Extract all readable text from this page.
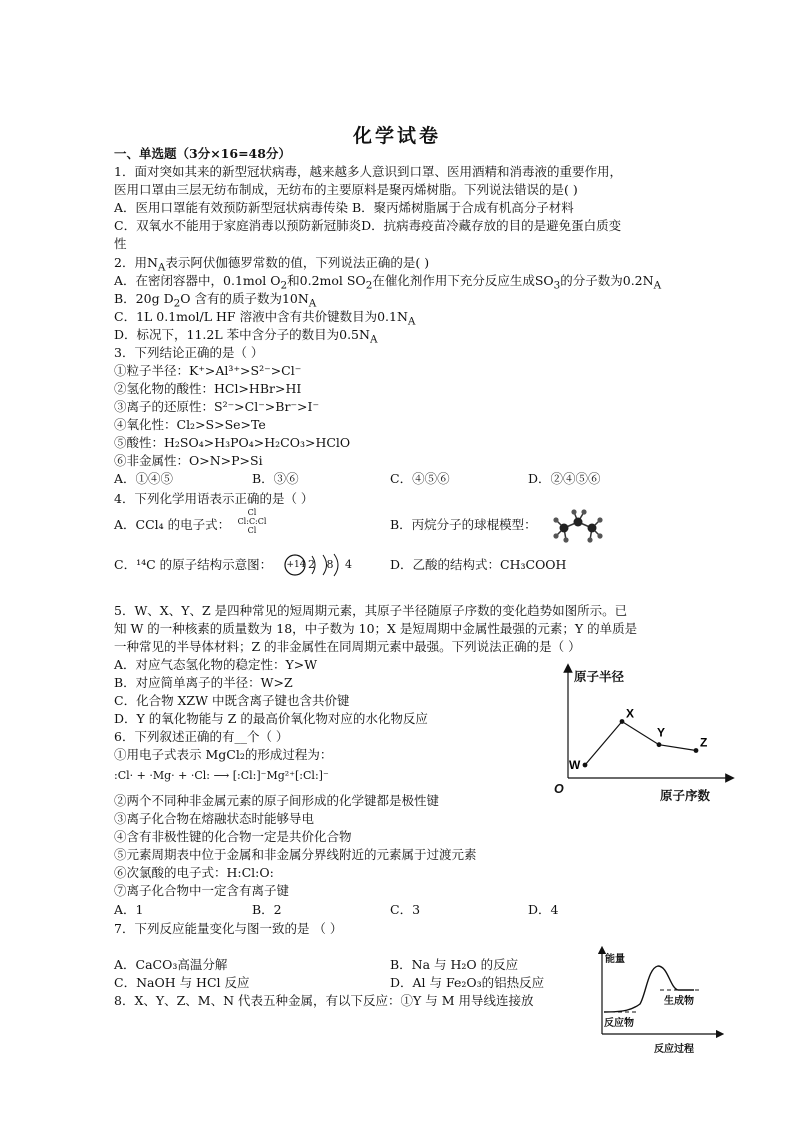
化学试卷
一、单选题（3分×16=48分）
1．面对突如其来的新型冠状病毒，越来越多人意识到口罩、医用酒精和消毒液的重要作用，
医用口罩由三层无纺布制成，无纺布的主要原料是聚丙烯树脂。下列说法错误的是( )
A．医用口罩能有效预防新型冠状病毒传染 B．聚丙烯树脂属于合成有机高分子材料
C．双氧水不能用于家庭消毒以预防新冠肺炎D．抗病毒疫苗冷藏存放的目的是避免蛋白质变
性
2．用$N_A$表示阿伏伽德罗常数的值，下列说法正确的是( )
A．在密闭容器中，0.1mol $O_2$和0.2mol $SO_2$在催化剂作用下充分反应生成$SO_3$的分子数为$0.2N_A$
B．20g $D_2O$ 含有的质子数为$10N_A$
C．1L 0.1mol/L HF 溶液中含有共价键数目为$0.1N_A$
D．标况下，11.2L 苯中含分子的数目为$0.5N_A$
3．下列结论正确的是（ ）
①粒子半径：K⁺>Al³⁺>S²⁻>Cl⁻
②氢化物的酸性：HCl>HBr>HI
③离子的还原性：S²⁻>Cl⁻>Br⁻>I⁻
④氧化性：Cl₂>S>Se>Te
⑤酸性：H₂SO₄>H₃PO₄>H₂CO₃>HClO
⑥非金属性：O>N>P>Si
A．①④⑤	B．③⑥	C．④⑤⑥	D．②④⑤⑥
4．下列化学用语表示正确的是（ ）
A．CCl₄ 的电子式：
Cl
Cl:C:Cl
Cl	B．丙烷分子的球棍模型：
C．¹⁴C 的原子结构示意图： +14 2 8 4	D．乙酸的结构式：CH₃COOH
5．W、X、Y、Z 是四种常见的短周期元素，其原子半径随原子序数的变化趋势如图所示。已
知 W 的一种核素的质量数为 18，中子数为 10；X 是短周期中金属性最强的元素；Y 的单质是
一种常见的半导体材料；Z 的非金属性在同周期元素中最强。下列说法正确的是（ ）
A．对应气态氢化物的稳定性：Y>W
B．对应简单离子的半径：W>Z
C．化合物 XZW 中既含离子键也含共价键
D．Y 的氧化物能与 Z 的最高价氧化物对应的水化物反应
原子半径
原子序数
O
W
X
Y
Z
6．下列叙述正确的有__个（ ）
①用电子式表示 MgCl₂的形成过程为：
:Cl· + ·Mg· + ·Cl: ⟶ [:Cl:]⁻Mg²⁺[:Cl:]⁻
②两个不同种非金属元素的原子间形成的化学键都是极性键
③离子化合物在熔融状态时能够导电
④含有非极性键的化合物一定是共价化合物
⑤元素周期表中位于金属和非金属分界线附近的元素属于过渡元素
⑥次氯酸的电子式：H:Cl:O:
⑦离子化合物中一定含有离子键
A．1	B．2	C．3	D．4
7．下列反应能量变化与图一致的是 （ ）
A．CaCO₃高温分解	B．Na 与 H₂O 的反应
C．NaOH 与 HCl 反应	D．Al 与 Fe₂O₃的铝热反应
能量
反应过程
反应物
生成物
8．X、Y、Z、M、N 代表五种金属，有以下反应：①Y 与 M 用导线连接放
